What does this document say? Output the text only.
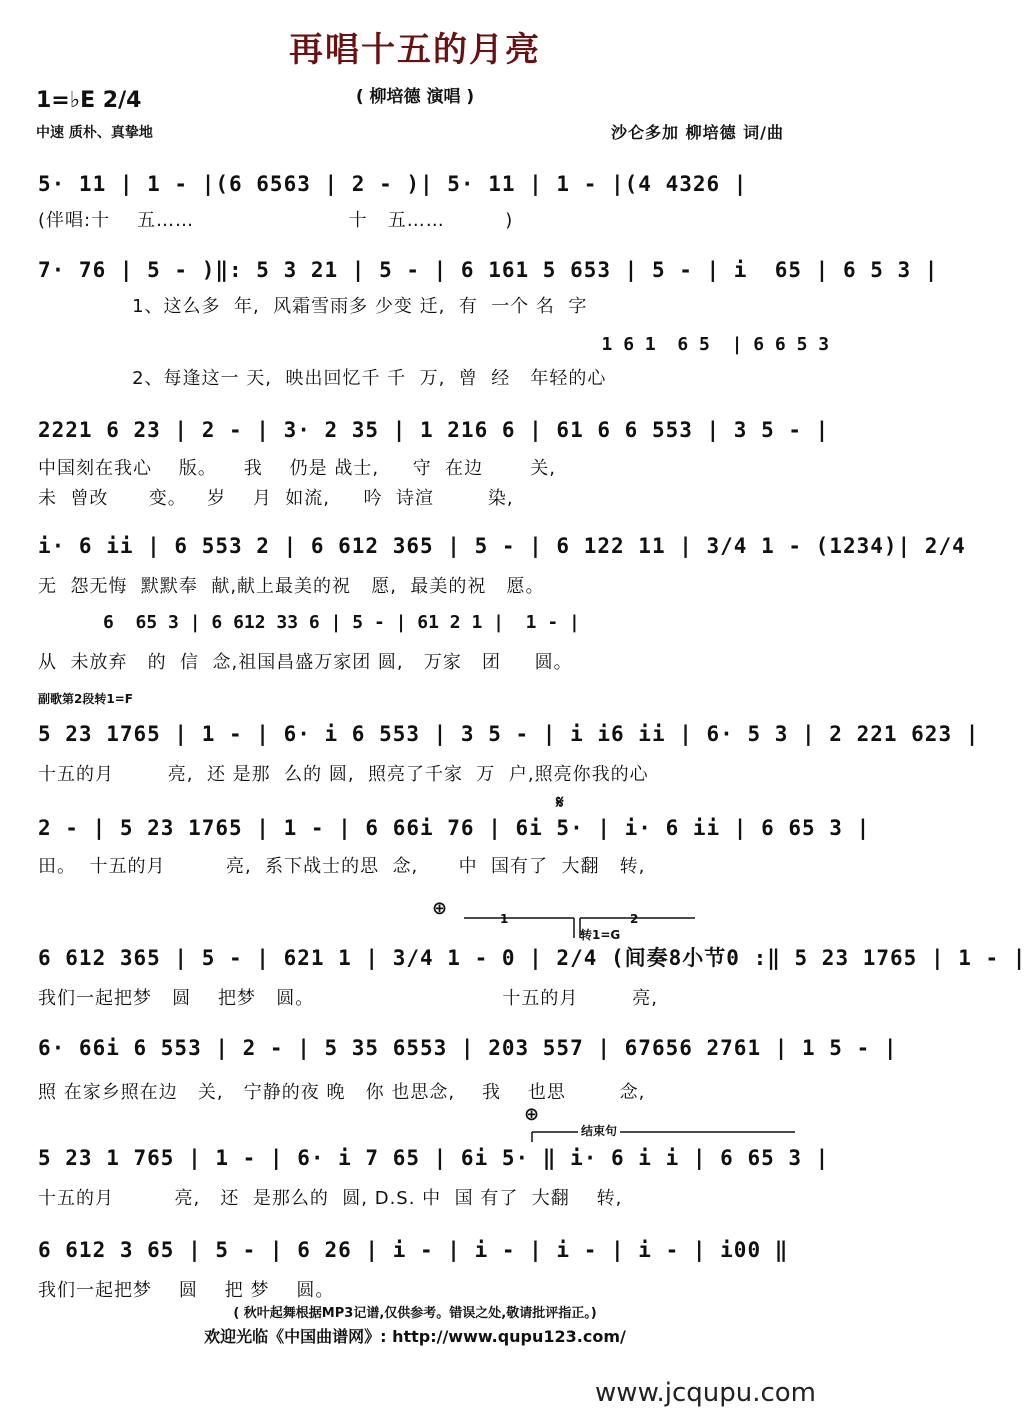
再唱十五的月亮
( 柳培德 演唱 )
1=♭E 2/4
中速 质朴、真挚地	沙仑多加 柳培德 词/曲
5· 11 | 1 - |(6 6563 | 2 - )| 5· 11 | 1 - |(4 4326 |
(伴唱:十    五……                       十   五……         )
7· 76 | 5 - )‖: 5 3 21 | 5 - | 6 161 5 653 | 5 - | i  65 | 6 5 3 |
1、这么多  年,  风霜雪雨多 少变 迁,  有  一个 名  字
1 6 1  6 5  | 6 6 5 3
2、每逢这一 天,  映出回忆千 千  万,  曾  经   年轻的心
2221 6 23 | 2 - | 3· 2 35 | 1 216 6 | 61 6 6 553 | 3 5 - |
中国刻在我心    版。    我    仍是 战士,     守  在边       关,
未  曾改      变。   岁    月  如流,     吟  诗渲        染,
i· 6 ii | 6 553 2 | 6 612 365 | 5 - | 6 122 11 | 3/4 1 - (1234)| 2/4
无  怨无悔  默默奉  献,献上最美的祝   愿,  最美的祝   愿。
6  65 3 | 6 612 33 6 | 5 - | 61 2 1 |  1 - |
从  未放弃   的  信  念,祖国昌盛万家团 圆,   万家   团     圆。
副歌第2段转1=F
5 23 1765 | 1 - | 6· i 6 553 | 3 5 - | i i6 ii | 6· 5 3 | 2 221 623 |
十五的月        亮,  还 是那  么的 圆,  照亮了千家  万  户,照亮你我的心
𝄋
2 - | 5 23 1765 | 1 - | 6 66i 76 | 6i 5· | i· 6 ii | 6 65 3 |
田。  十五的月         亮,  系下战士的思  念,      中  国有了  大翻   转,
⊕	1	2
转1=G
6 612 365 | 5 - | 621 1 | 3/4 1 - 0 | 2/4 (间奏8小节0 :‖ 5 23 1765 | 1 - |
我们一起把梦   圆    把梦   圆。                            十五的月        亮,
6· 66i 6 553 | 2 - | 5 35 6553 | 203 557 | 67656 2761 | 1 5 - |
照 在家乡照在边   关,   宁静的夜 晚   你 也思念,    我    也思        念,
⊕
结束句
5 23 1 765 | 1 - | 6· i 7 65 | 6i 5· ‖ i· 6 i i | 6 65 3 |
十五的月         亮,   还  是那么的  圆, D.S. 中  国 有了  大翻    转,
6 612 3 65 | 5 - | 6 26 | i - | i - | i - | i - | i00 ‖
我们一起把梦    圆    把 梦    圆。
( 秋叶起舞根据MP3记谱,仅供参考。错误之处,敬请批评指正。)
欢迎光临《中国曲谱网》: http://www.qupu123.com/
www.jcqupu.com
